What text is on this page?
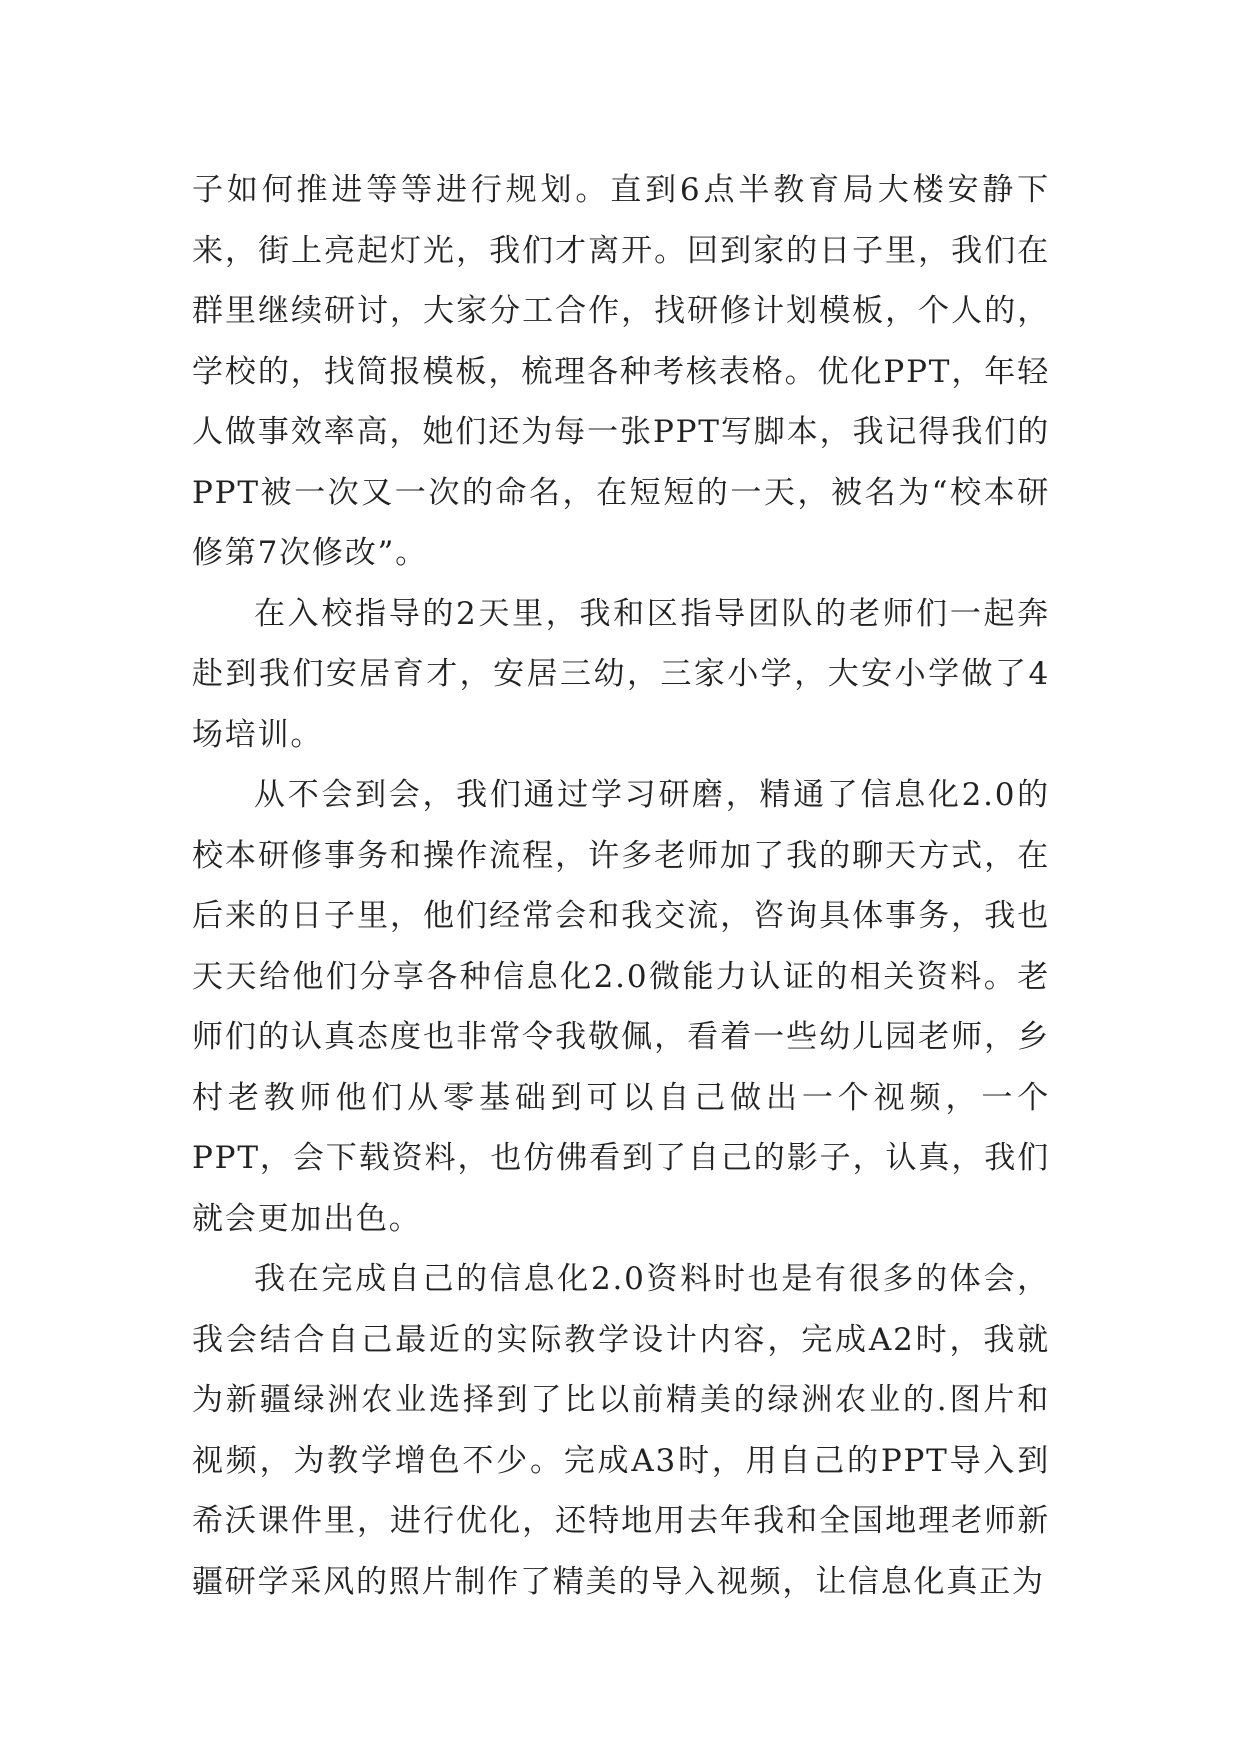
子如何推进等等进行规划。直到6点半教育局大楼安静下来，街上亮起灯光，我们才离开。回到家的日子里，我们在群里继续研讨，大家分工合作，找研修计划模板，个人的，学校的，找简报模板，梳理各种考核表格。优化PPT，年轻人做事效率高，她们还为每一张PPT写脚本，我记得我们的PPT被一次又一次的命名，在短短的一天，被名为“校本研修第7次修改”。

在入校指导的2天里，我和区指导团队的老师们一起奔赴到我们安居育才，安居三幼，三家小学，大安小学做了4场培训。

从不会到会，我们通过学习研磨，精通了信息化2.0的校本研修事务和操作流程，许多老师加了我的聊天方式，在后来的日子里，他们经常会和我交流，咨询具体事务，我也天天给他们分享各种信息化2.0微能力认证的相关资料。老师们的认真态度也非常令我敬佩，看着一些幼儿园老师，乡村老教师他们从零基础到可以自己做出一个视频，一个PPT，会下载资料，也仿佛看到了自己的影子，认真，我们就会更加出色。

我在完成自己的信息化2.0资料时也是有很多的体会，我会结合自己最近的实际教学设计内容，完成A2时，我就为新疆绿洲农业选择到了比以前精美的绿洲农业的.图片和视频，为教学增色不少。完成A3时，用自己的PPT导入到希沃课件里，进行优化，还特地用去年我和全国地理老师新疆研学采风的照片制作了精美的导入视频，让信息化真正为
